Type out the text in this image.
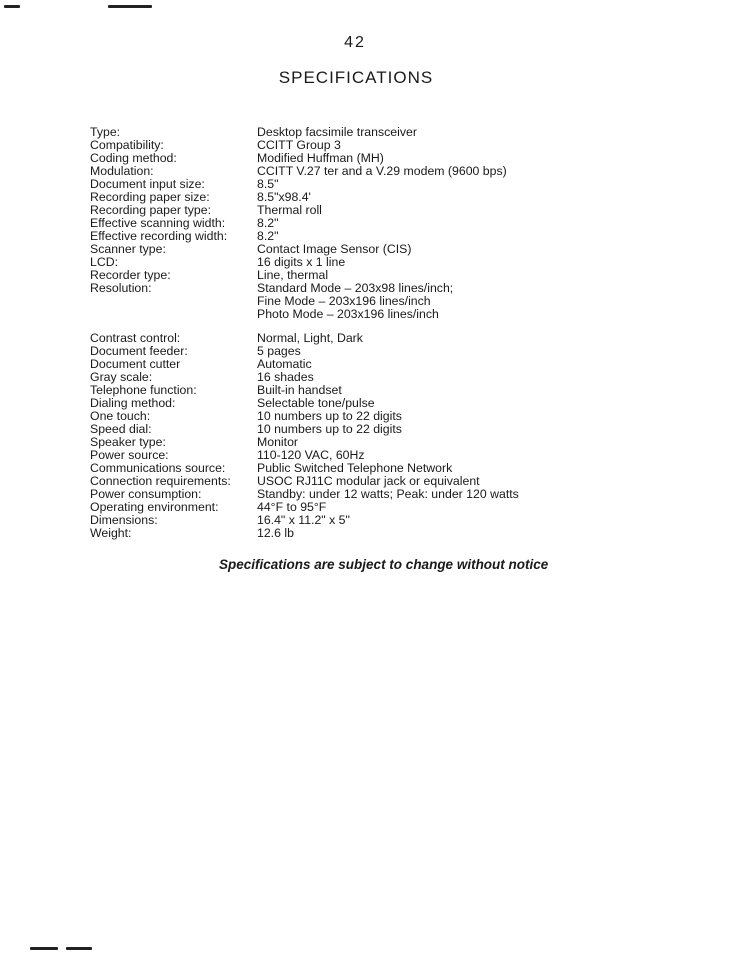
42
SPECIFICATIONS
Type:	Desktop facsimile transceiver
Compatibility:	CCITT Group 3
Coding method:	Modified Huffman (MH)
Modulation:	CCITT V.27 ter and a V.29 modem (9600 bps)
Document input size:	8.5"
Recording paper size:	8.5"x98.4'
Recording paper type:	Thermal roll
Effective scanning width:	8.2"
Effective recording width:	8.2"
Scanner type:	Contact Image Sensor (CIS)
LCD:	16 digits x 1 line
Recorder type:	Line, thermal
Resolution:	Standard Mode – 203x98 lines/inch;
	Fine Mode – 203x196 lines/inch
	Photo Mode – 203x196 lines/inch
Contrast control:	Normal, Light, Dark
Document feeder:	5 pages
Document cutter	Automatic
Gray scale:	16 shades
Telephone function:	Built-in handset
Dialing method:	Selectable tone/pulse
One touch:	10 numbers up to 22 digits
Speed dial:	10 numbers up to 22 digits
Speaker type:	Monitor
Power source:	110-120 VAC, 60Hz
Communications source:	Public Switched Telephone Network
Connection requirements:	USOC RJ11C modular jack or equivalent
Power consumption:	Standby: under 12 watts; Peak: under 120 watts
Operating environment:	44°F to 95°F
Dimensions:	16.4" x 11.2" x 5"
Weight:	12.6 lb
Specifications are subject to change without notice
